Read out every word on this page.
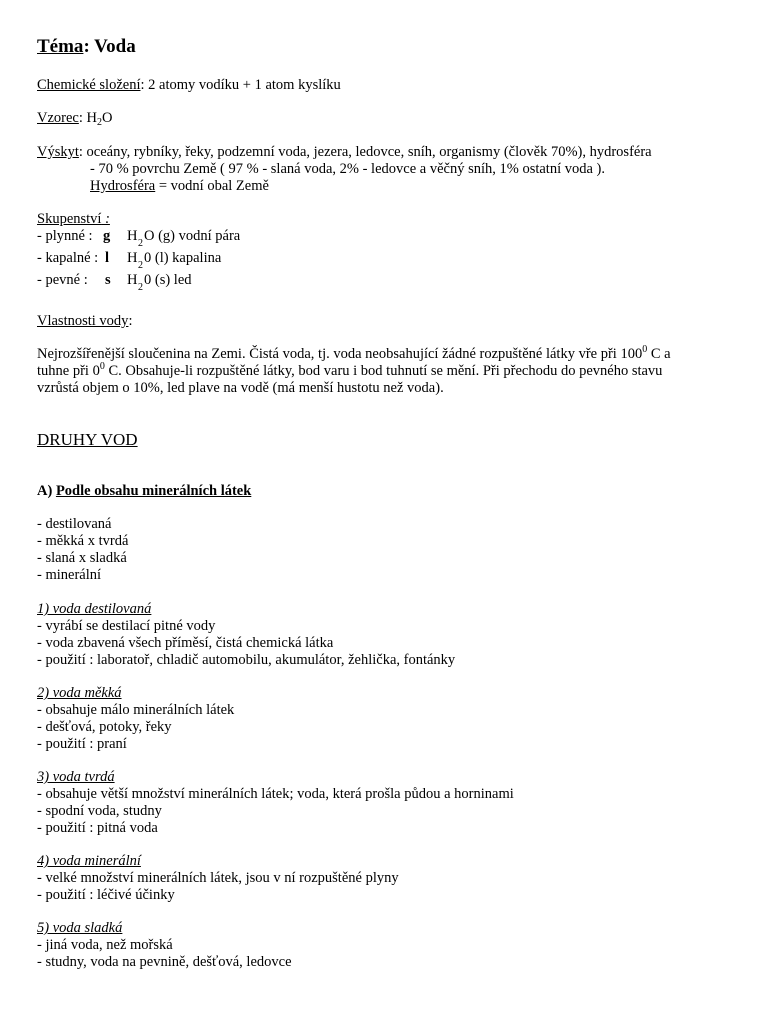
Téma: Voda
Chemické složení: 2 atomy vodíku + 1 atom kyslíku
Vzorec: $H_2O$
Výskyt: oceány, rybníky, řeky, podzemní voda, jezera, ledovce, sníh, organismy (člověk 70%), hydrosféra
- 70 % povrchu Země ( 97 % - slaná voda, 2% - ledovce a věčný sníh, 1% ostatní voda ).
Hydrosféra = vodní obal Země
Skupenství :
- plynné : g H 2 O (g) vodní pára
- kapalné : l H 2 0 (l) kapalina
- pevné : s H 2 0 (s) led
Vlastnosti vody:
Nejrozšířenější sloučenina na Zemi. Čistá voda, tj. voda neobsahující žádné rozpuštěné látky vře při $100^0$ C a
tuhne při $0^0$ C. Obsahuje-li rozpuštěné látky, bod varu i bod tuhnutí se mění. Při přechodu do pevného stavu
vzrůstá objem o 10%, led plave na vodě (má menší hustotu než voda).
DRUHY VOD
A) Podle obsahu minerálních látek
- destilovaná
- měkká x tvrdá
- slaná x sladká
- minerální
1) voda destilovaná
- vyrábí se destilací pitné vody
- voda zbavená všech příměsí, čistá chemická látka
- použití : laboratoř, chladič automobilu, akumulátor, žehlička, fontánky
2) voda měkká
- obsahuje málo minerálních látek
- dešťová, potoky, řeky
- použití : praní
3) voda tvrdá
- obsahuje větší množství minerálních látek; voda, která prošla půdou a horninami
- spodní voda, studny
- použití : pitná voda
4) voda minerální
- velké množství minerálních látek, jsou v ní rozpuštěné plyny
- použití : léčivé účinky
5) voda sladká
- jiná voda, než mořská
- studny, voda na pevnině, dešťová, ledovce
